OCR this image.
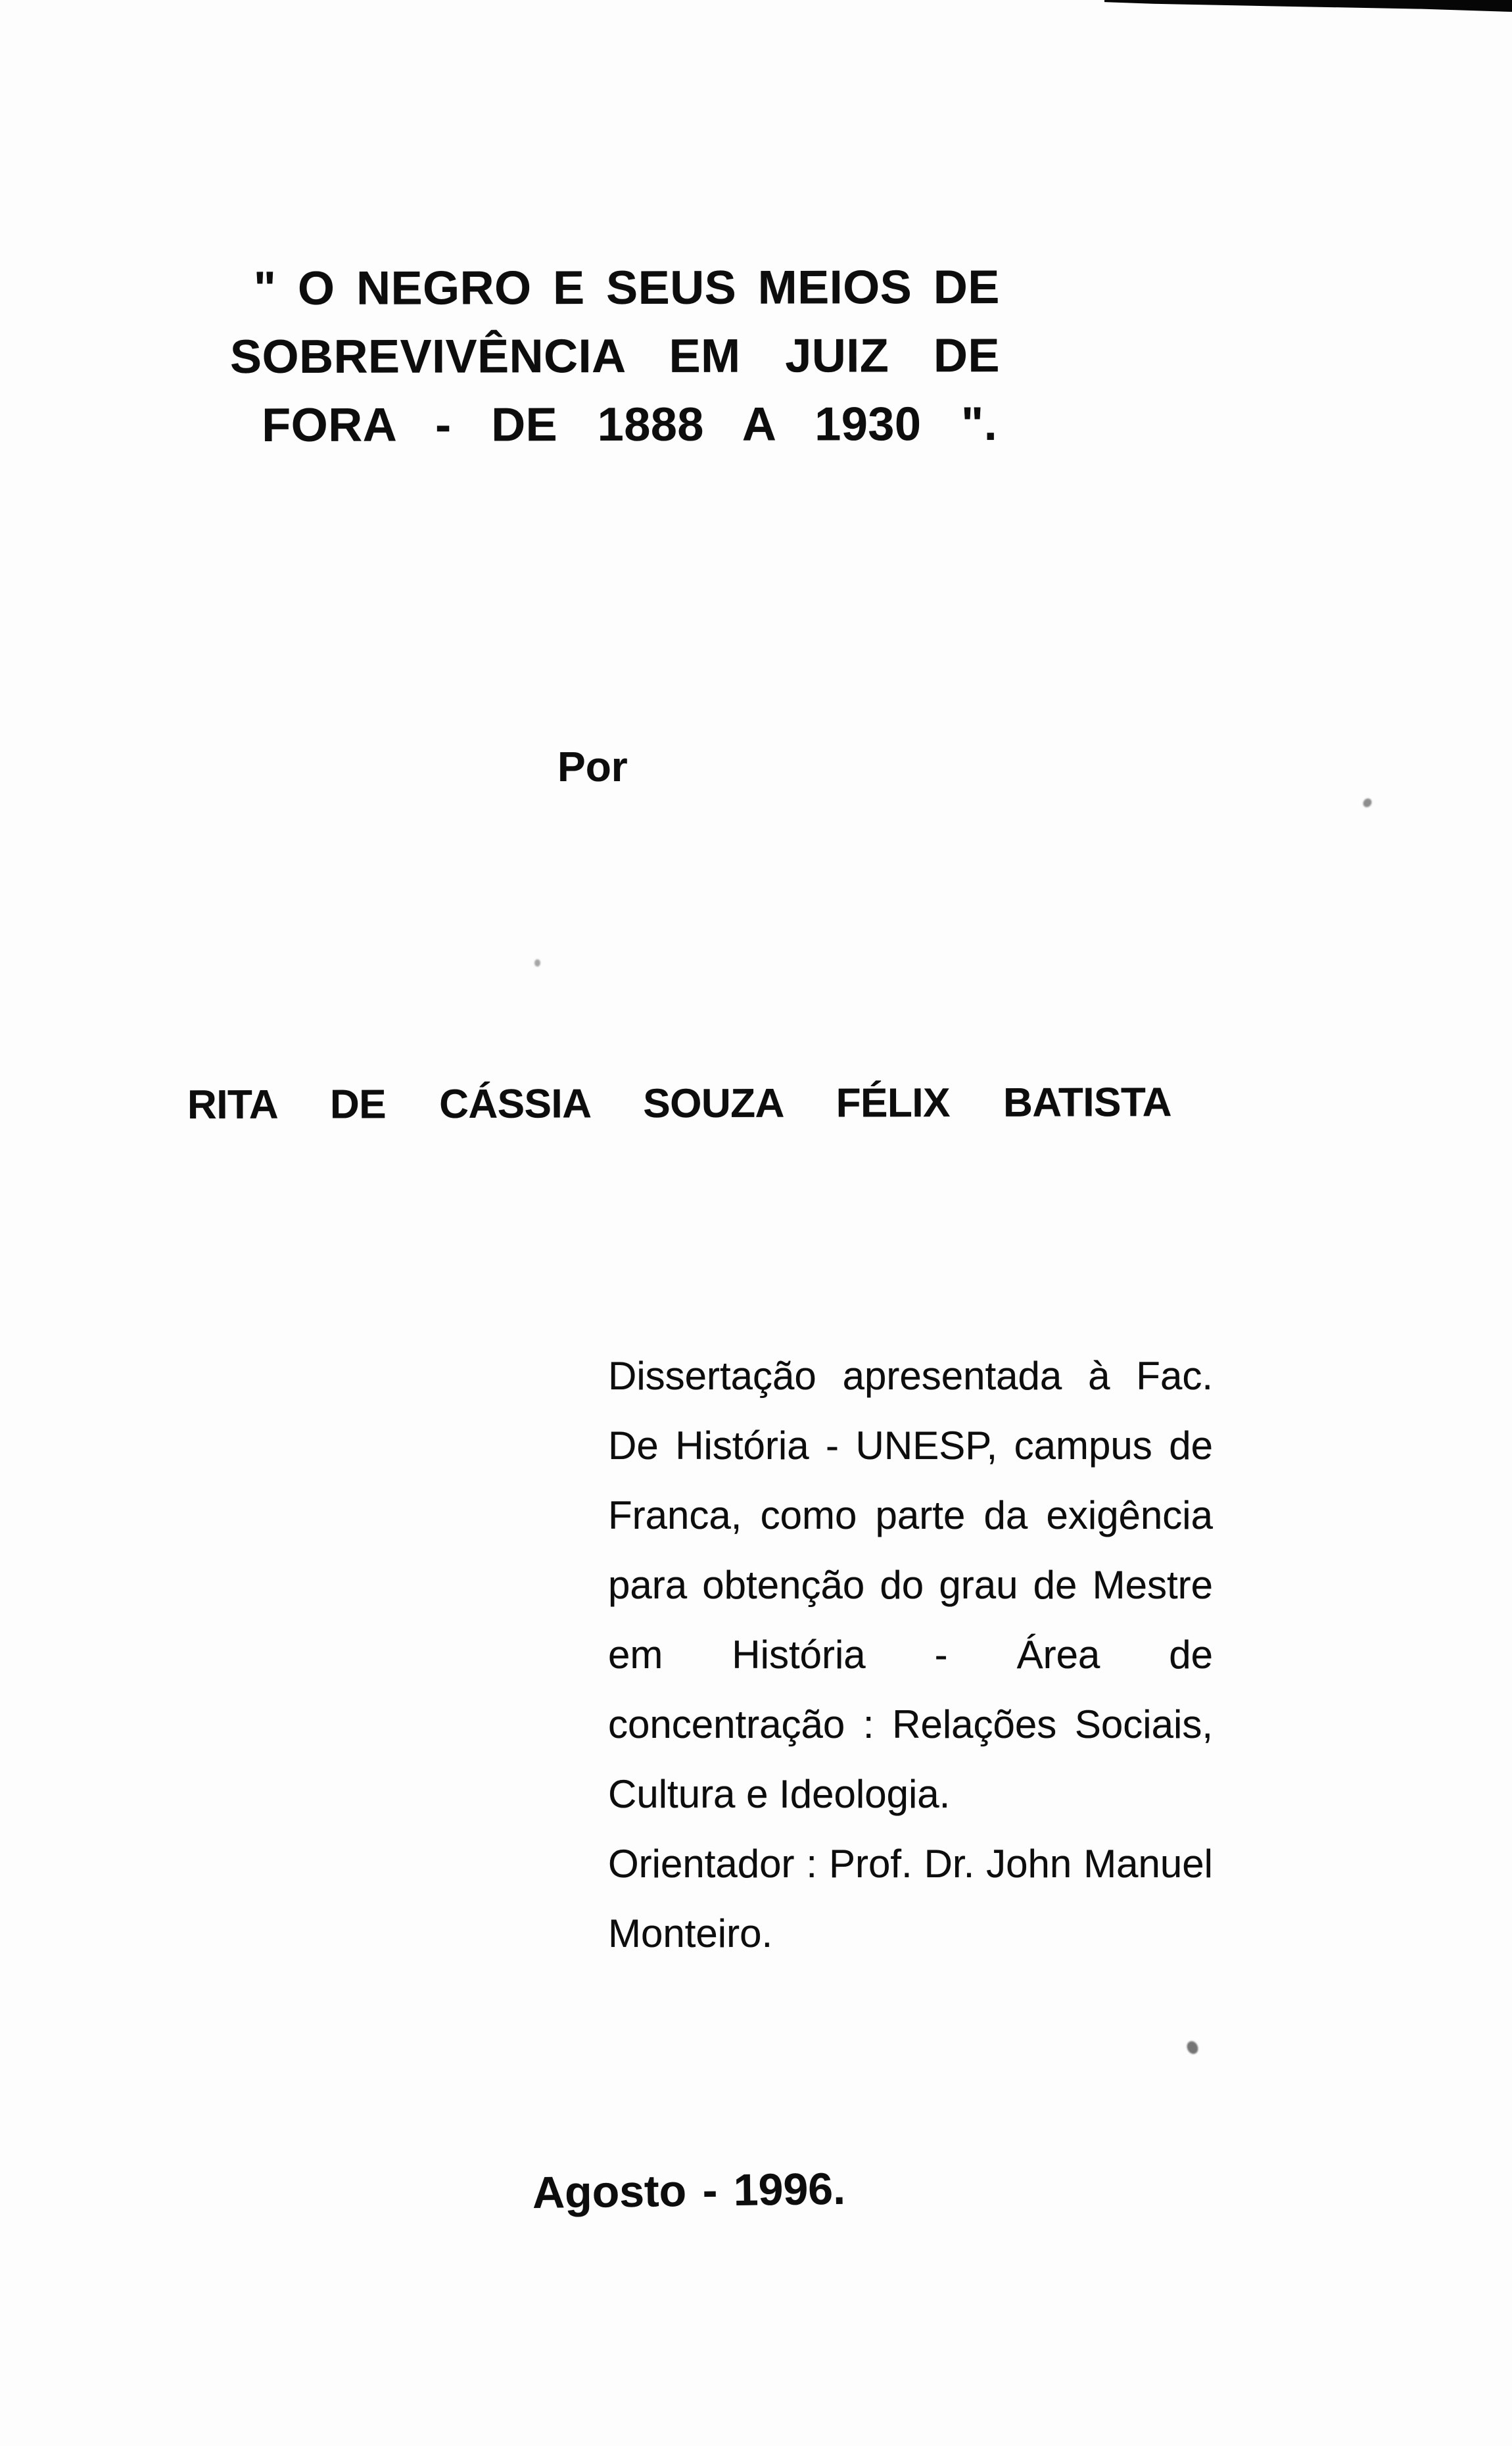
" O NEGRO E SEUS MEIOS DE
SOBREVIVÊNCIA EM JUIZ DE
FORA - DE 1888 A 1930 ".
Por
RITA DE CÁSSIA SOUZA FÉLIX BATISTA
Dissertação apresentada à Fac.
De História - UNESP, campus de
Franca, como parte da exigência
para obtenção do grau de Mestre
em História - Área de
concentração : Relações Sociais,
Cultura e Ideologia.
Orientador : Prof. Dr. John Manuel
Monteiro.
Agosto - 1996.
